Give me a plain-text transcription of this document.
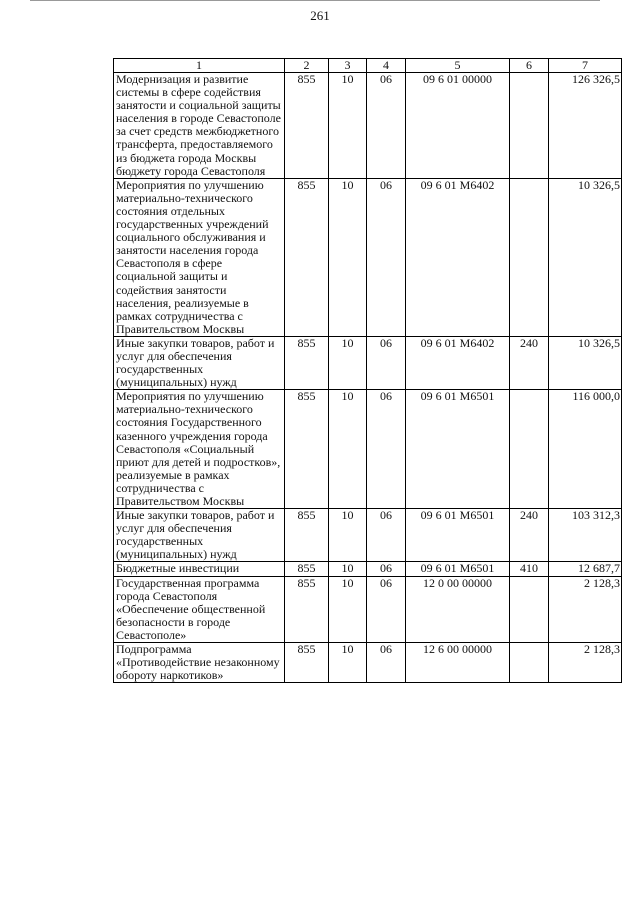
261
1	2	3	4	5	6	7
Модернизация и развитие системы в сфере содействия занятости и социальной защиты населения в городе Севастополе за счет средств межбюджетного трансферта, предоставляемого из бюджета города Москвы бюджету города Севастополя	855	10	06	09 6 01 00000		126 326,5
Мероприятия по улучшению материально-технического состояния отдельных государственных учреждений социального обслуживания и занятости населения города Севастополя в сфере социальной защиты и содействия занятости населения, реализуемые в рамках сотрудничества с Правительством Москвы	855	10	06	09 6 01 М6402		10 326,5
Иные закупки товаров, работ и услуг для обеспечения государственных (муниципальных) нужд	855	10	06	09 6 01 М6402	240	10 326,5
Мероприятия по улучшению материально-технического состояния Государственного казенного учреждения города Севастополя «Социальный приют для детей и подростков», реализуемые в рамках сотрудничества с Правительством Москвы	855	10	06	09 6 01 М6501		116 000,0
Иные закупки товаров, работ и услуг для обеспечения государственных (муниципальных) нужд	855	10	06	09 6 01 М6501	240	103 312,3
Бюджетные инвестиции	855	10	06	09 6 01 М6501	410	12 687,7
Государственная программа города Севастополя «Обеспечение общественной безопасности в городе Севастополе»	855	10	06	12 0 00 00000		2 128,3
Подпрограмма «Противодействие незаконному обороту наркотиков»	855	10	06	12 6 00 00000		2 128,3
